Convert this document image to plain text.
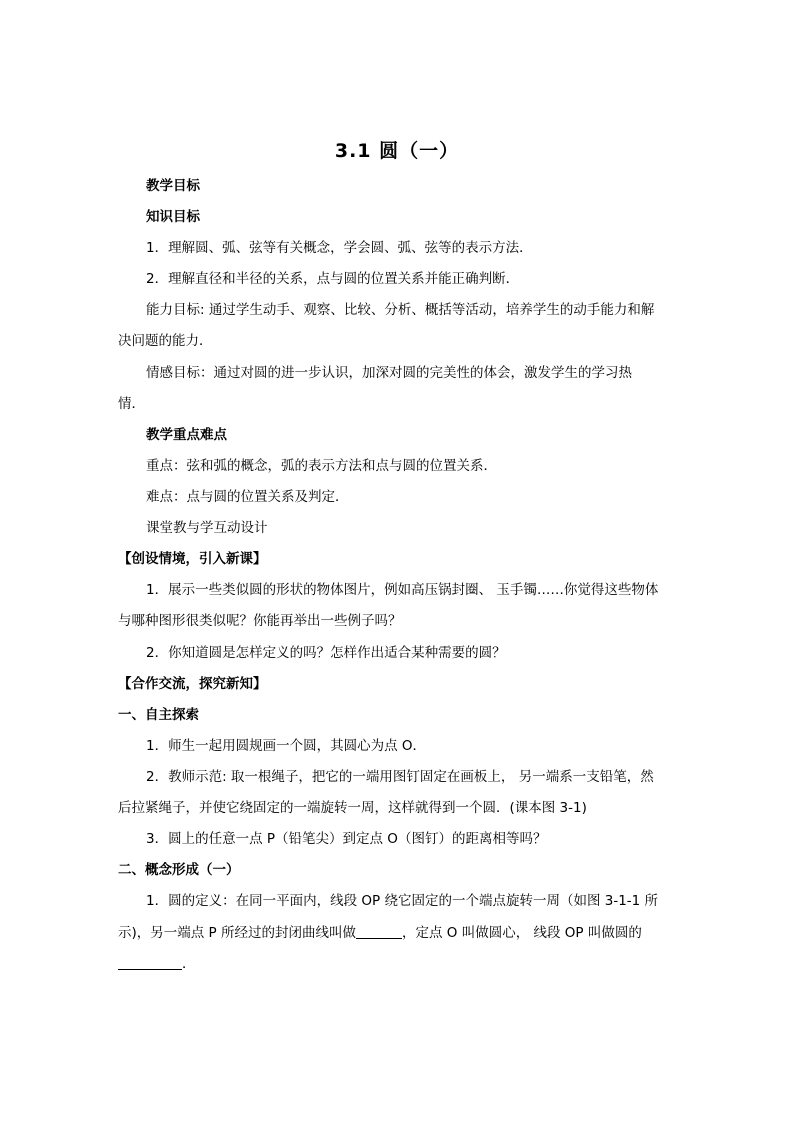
3.1 圆（一）
教学目标
知识目标
1．理解圆、弧、弦等有关概念，学会圆、弧、弦等的表示方法．
2．理解直径和半径的关系，点与圆的位置关系并能正确判断．
能力目标: 通过学生动手、观察、比较、分析、概括等活动，培养学生的动手能力和解
决问题的能力．
情感目标：通过对圆的进一步认识，加深对圆的完美性的体会，激发学生的学习热
情．
教学重点难点
重点：弦和弧的概念，弧的表示方法和点与圆的位置关系．
难点：点与圆的位置关系及判定．
课堂教与学互动设计
【创设情境，引入新课】
1．展示一些类似圆的形状的物体图片，例如高压锅封圈、 玉手镯……你觉得这些物体
与哪种图形很类似呢？你能再举出一些例子吗？
2．你知道圆是怎样定义的吗？怎样作出适合某种需要的圆？
【合作交流，探究新知】
一、自主探索
1．师生一起用圆规画一个圆，其圆心为点 O．
2．教师示范: 取一根绳子，把它的一端用图钉固定在画板上， 另一端系一支铅笔，然
后拉紧绳子，并使它绕固定的一端旋转一周，这样就得到一个圆．(课本图 3-1)
3．圆上的任意一点 P（铅笔尖）到定点 O（图钉）的距离相等吗？
二、概念形成（一）
1．圆的定义：在同一平面内，线段 OP 绕它固定的一个端点旋转一周（如图 3-1-1 所
示)，另一端点 P 所经过的封闭曲线叫做	，定点 O 叫做圆心， 线段 OP 叫做圆的
．
